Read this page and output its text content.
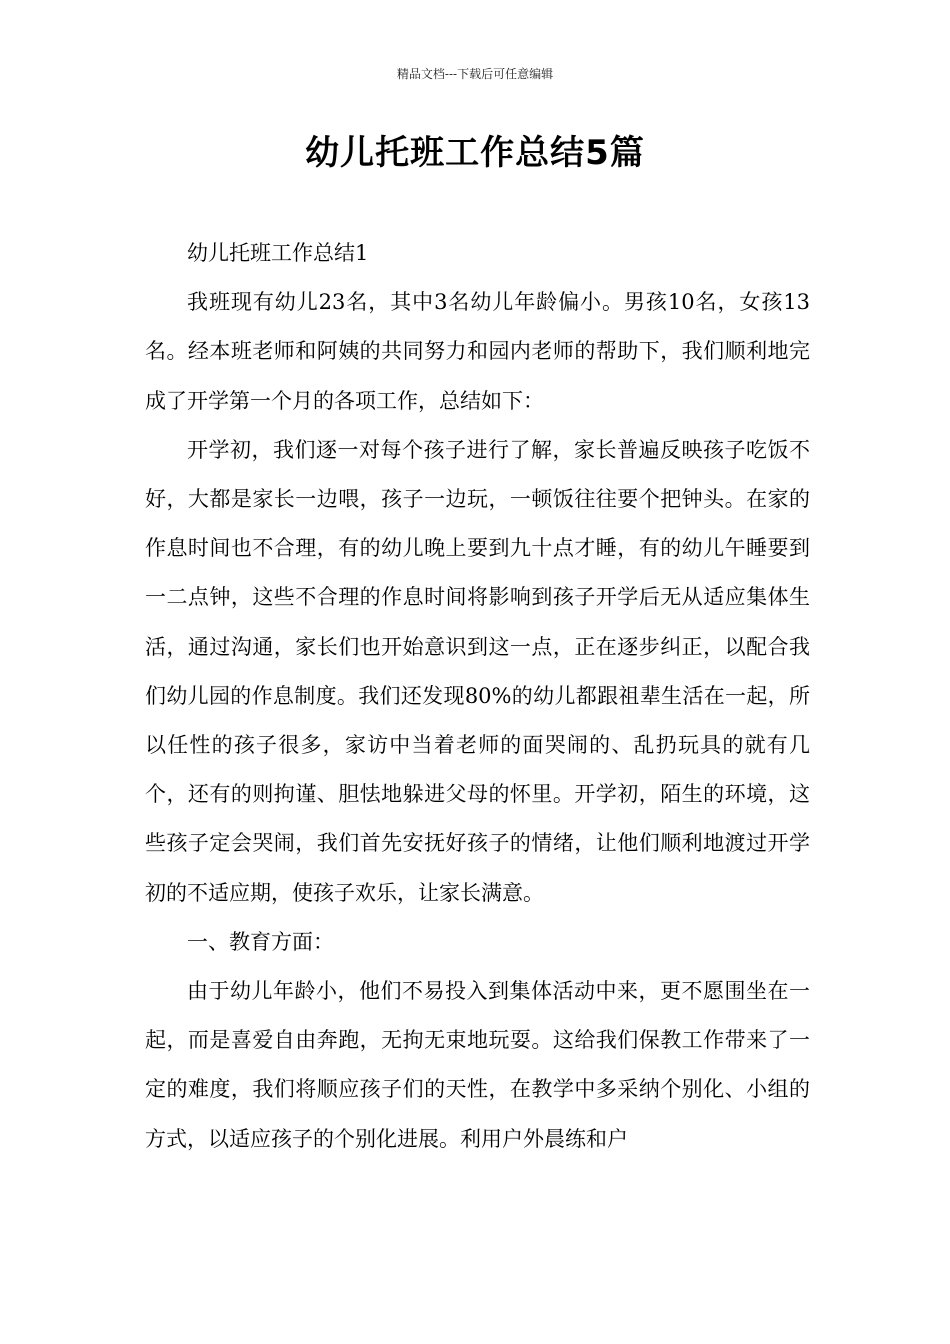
精品文档---下载后可任意编辑
幼儿托班工作总结5篇

幼儿托班工作总结1

我班现有幼儿23名，其中3名幼儿年龄偏小。男孩10名，女孩13名。经本班老师和阿姨的共同努力和园内老师的帮助下，我们顺利地完成了开学第一个月的各项工作，总结如下：

开学初，我们逐一对每个孩子进行了解，家长普遍反映孩子吃饭不好，大都是家长一边喂，孩子一边玩，一顿饭往往要个把钟头。在家的作息时间也不合理，有的幼儿晚上要到九十点才睡，有的幼儿午睡要到一二点钟，这些不合理的作息时间将影响到孩子开学后无从适应集体生活，通过沟通，家长们也开始意识到这一点，正在逐步纠正，以配合我们幼儿园的作息制度。我们还发现80%的幼儿都跟祖辈生活在一起，所以任性的孩子很多，家访中当着老师的面哭闹的、乱扔玩具的就有几个，还有的则拘谨、胆怯地躲进父母的怀里。开学初，陌生的环境，这些孩子定会哭闹，我们首先安抚好孩子的情绪，让他们顺利地渡过开学初的不适应期，使孩子欢乐，让家长满意。

一、教育方面：

由于幼儿年龄小，他们不易投入到集体活动中来，更不愿围坐在一起，而是喜爱自由奔跑，无拘无束地玩耍。这给我们保教工作带来了一定的难度，我们将顺应孩子们的天性，在教学中多采纳个别化、小组的方式，以适应孩子的个别化进展。利用户外晨练和户
